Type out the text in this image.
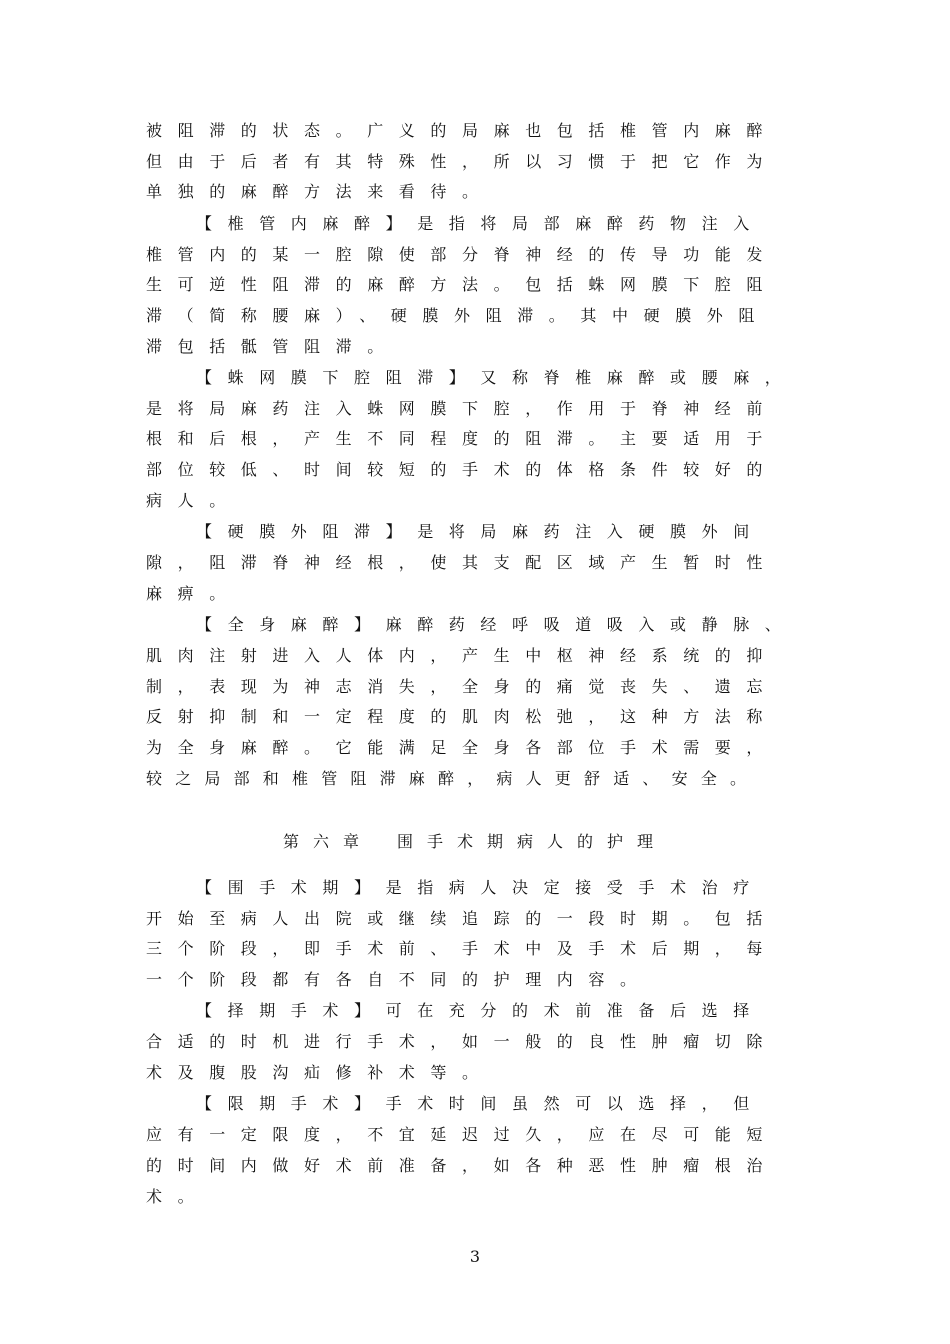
被阻滞的状态。广义的局麻也包括椎管内麻醉
但由于后者有其特殊性，所以习惯于把它作为
单独的麻醉方法来看待。
【椎管内麻醉】是指将局部麻醉药物注入
椎管内的某一腔隙使部分脊神经的传导功能发
生可逆性阻滞的麻醉方法。包括蛛网膜下腔阻
滞（简称腰麻）、硬膜外阻滞。其中硬膜外阻
滞包括骶管阻滞。
【蛛网膜下腔阻滞】又称脊椎麻醉或腰麻，
是将局麻药注入蛛网膜下腔，作用于脊神经前
根和后根，产生不同程度的阻滞。主要适用于
部位较低、时间较短的手术的体格条件较好的
病人。
【硬膜外阻滞】是将局麻药注入硬膜外间
隙，阻滞脊神经根，使其支配区域产生暂时性
麻痹。
【全身麻醉】麻醉药经呼吸道吸入或静脉、
肌肉注射进入人体内，产生中枢神经系统的抑
制，表现为神志消失，全身的痛觉丧失、遗忘
反射抑制和一定程度的肌肉松弛，这种方法称
为全身麻醉。它能满足全身各部位手术需要，
较之局部和椎管阻滞麻醉，病人更舒适、安全。
第六章 围手术期病人的护理
【围手术期】是指病人决定接受手术治疗
开始至病人出院或继续追踪的一段时期。包括
三个阶段，即手术前、手术中及手术后期，每
一个阶段都有各自不同的护理内容。
【择期手术】可在充分的术前准备后选择
合适的时机进行手术，如一般的良性肿瘤切除
术及腹股沟疝修补术等。
【限期手术】手术时间虽然可以选择，但
应有一定限度，不宜延迟过久，应在尽可能短
的时间内做好术前准备，如各种恶性肿瘤根治
术。
3
